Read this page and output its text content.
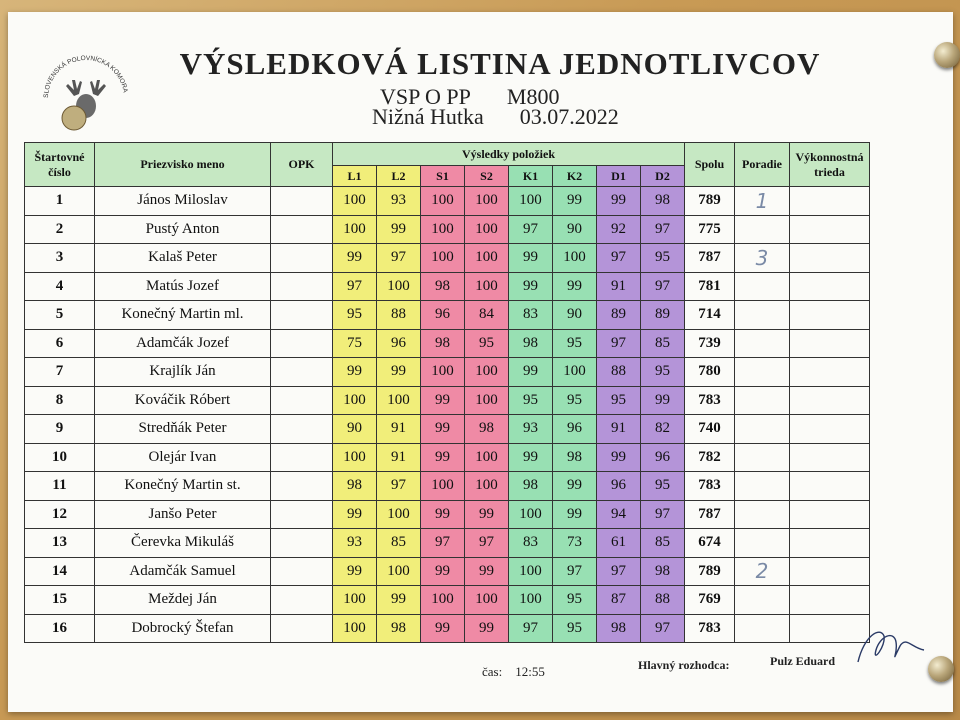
SLOVENSKÁ POLOVNÍCKA KOMORA
VÝSLEDKOVÁ LISTINA JEDNOTLIVCOV
VSP O PP M800
Nižná Hutka 03.07.2022
Štartovné číslo	Priezvisko meno	OPK	Výsledky položiek								Spolu	Poradie	Výkonnostná trieda
			L1	L2	S1	S2	K1	K2	D1	D2			
1	János Miloslav		100	93	100	100	100	99	99	98	789	1	
2	Pustý Anton		100	99	100	100	97	90	92	97	775		
3	Kalaš Peter		99	97	100	100	99	100	97	95	787	3	
4	Matús Jozef		97	100	98	100	99	99	91	97	781		
5	Konečný Martin ml.		95	88	96	84	83	90	89	89	714		
6	Adamčák Jozef		75	96	98	95	98	95	97	85	739		
7	Krajlík Ján		99	99	100	100	99	100	88	95	780		
8	Kováčik Róbert		100	100	99	100	95	95	95	99	783		
9	Stredňák Peter		90	91	99	98	93	96	91	82	740		
10	Olejár Ivan		100	91	99	100	99	98	99	96	782		
11	Konečný Martin st.		98	97	100	100	98	99	96	95	783		
12	Janšo Peter		99	100	99	99	100	99	94	97	787		
13	Čerevka Mikuláš		93	85	97	97	83	73	61	85	674		
14	Adamčák Samuel		99	100	99	99	100	97	97	98	789	2	
15	Meždej Ján		100	99	100	100	100	95	87	88	769		
16	Dobrocký Štefan		100	98	99	99	97	95	98	97	783		
čas: 12:55	Hlavný rozhodca:	Pulz Eduard
